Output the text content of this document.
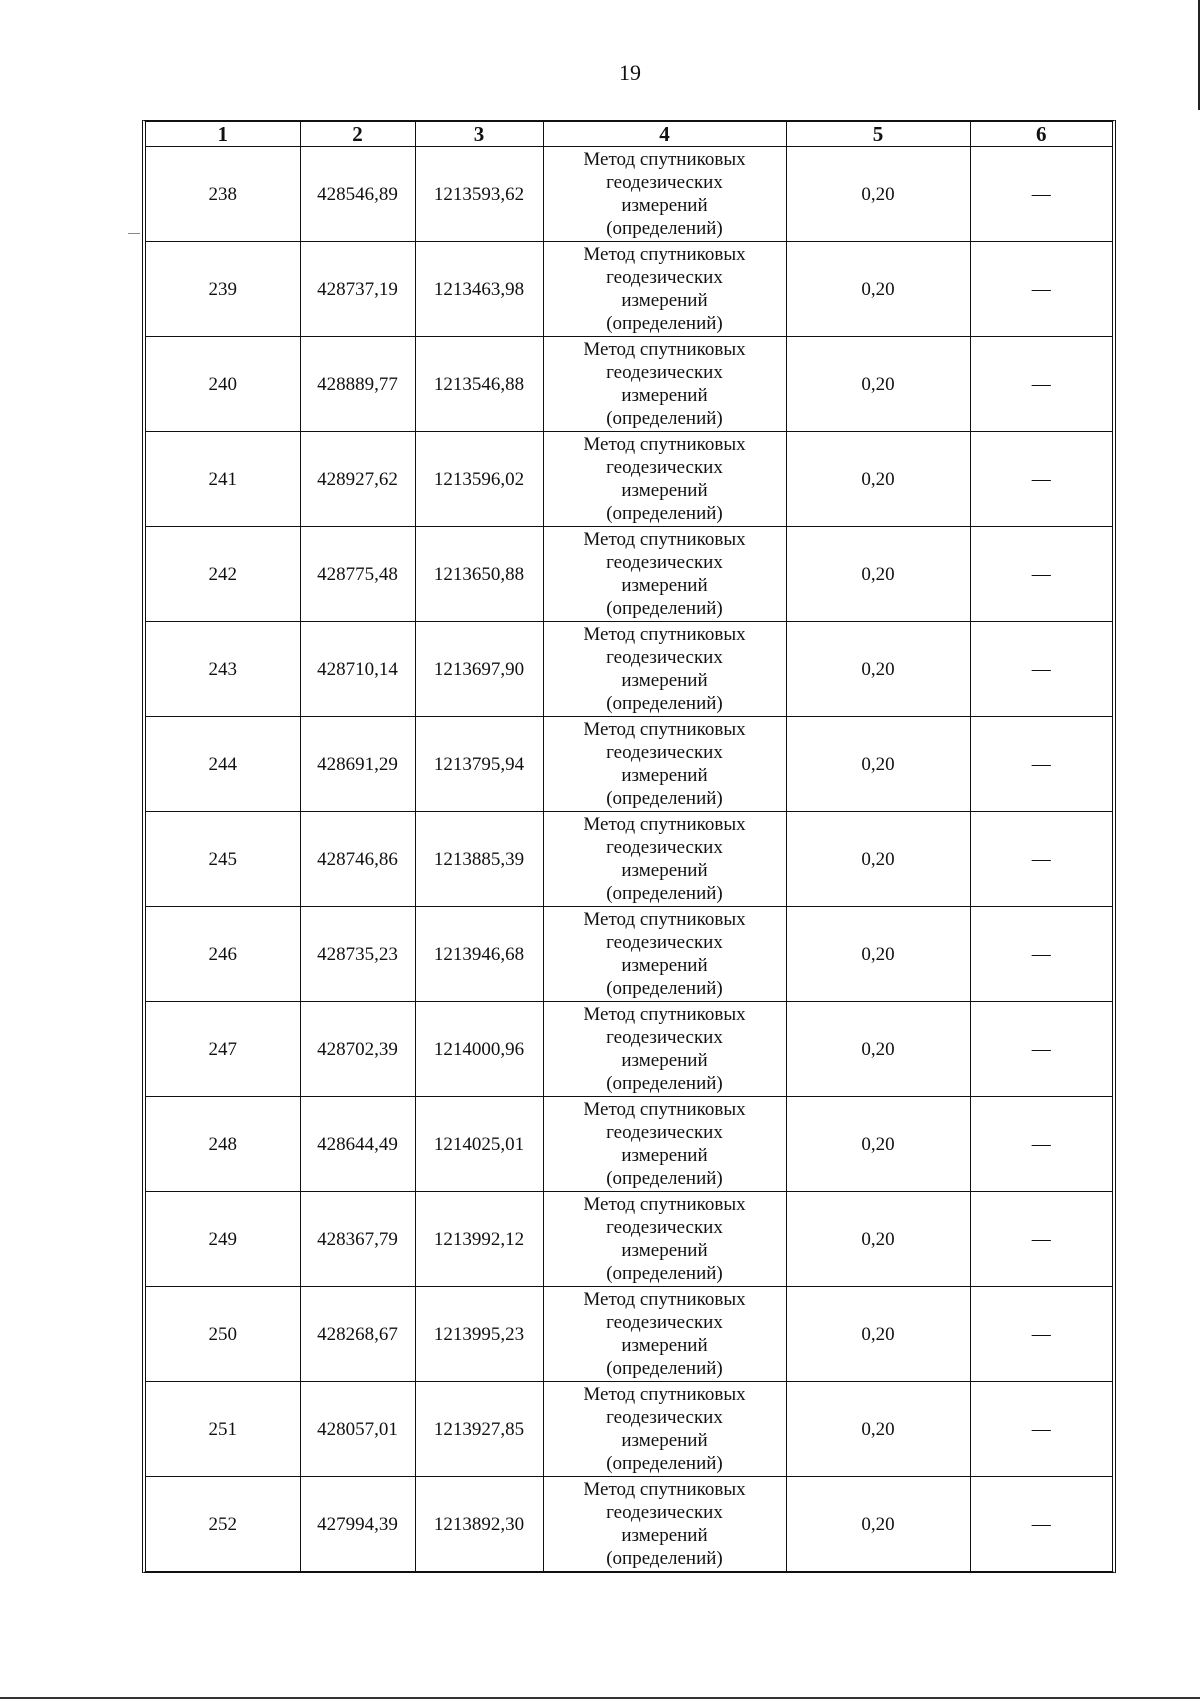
19
1	2	3	4	5	6
238	428546,89	1213593,62	Метод спутниковых
геодезических
измерений
(определений)	0,20	—
239	428737,19	1213463,98	Метод спутниковых
геодезических
измерений
(определений)	0,20	—
240	428889,77	1213546,88	Метод спутниковых
геодезических
измерений
(определений)	0,20	—
241	428927,62	1213596,02	Метод спутниковых
геодезических
измерений
(определений)	0,20	—
242	428775,48	1213650,88	Метод спутниковых
геодезических
измерений
(определений)	0,20	—
243	428710,14	1213697,90	Метод спутниковых
геодезических
измерений
(определений)	0,20	—
244	428691,29	1213795,94	Метод спутниковых
геодезических
измерений
(определений)	0,20	—
245	428746,86	1213885,39	Метод спутниковых
геодезических
измерений
(определений)	0,20	—
246	428735,23	1213946,68	Метод спутниковых
геодезических
измерений
(определений)	0,20	—
247	428702,39	1214000,96	Метод спутниковых
геодезических
измерений
(определений)	0,20	—
248	428644,49	1214025,01	Метод спутниковых
геодезических
измерений
(определений)	0,20	—
249	428367,79	1213992,12	Метод спутниковых
геодезических
измерений
(определений)	0,20	—
250	428268,67	1213995,23	Метод спутниковых
геодезических
измерений
(определений)	0,20	—
251	428057,01	1213927,85	Метод спутниковых
геодезических
измерений
(определений)	0,20	—
252	427994,39	1213892,30	Метод спутниковых
геодезических
измерений
(определений)	0,20	—
